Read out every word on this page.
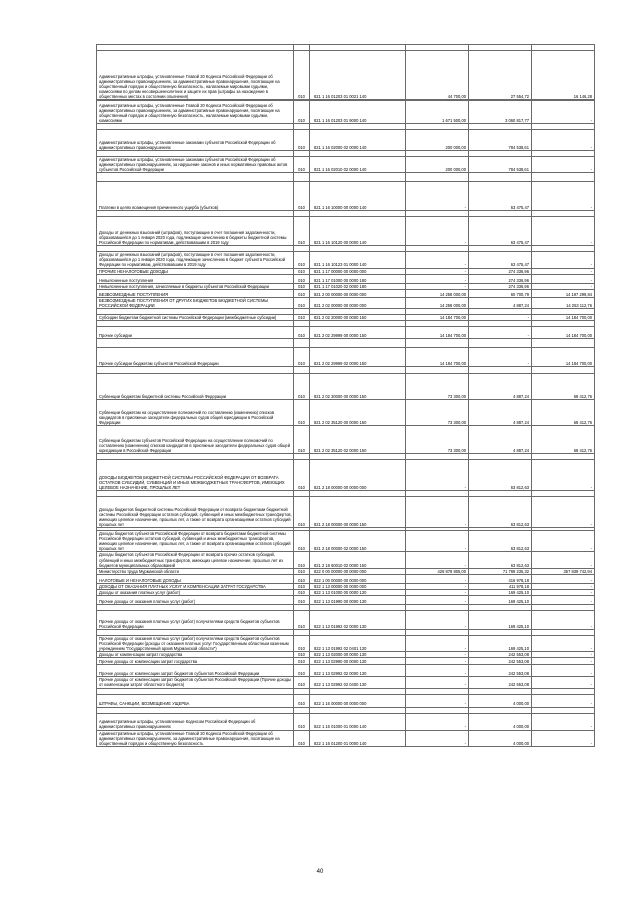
Административные штрафы, установленные Главой 20 Кодекса Российской Федерации об административных правонарушениях, за административные правонарушения, посягающие на общественный порядок и общественную безопасность, налагаемые мировыми судьями, комиссиями по делам несовершеннолетних и защите их прав (штрафы за нахождение в общественных местах в состоянии опьянения)	010	821 1 16 01203 01 0021 140	44 700,00	27 554,72	16 146,28

Административные штрафы, установленные Главой 20 Кодекса Российской Федерации об административных правонарушениях, за административные правонарушения, посягающие на общественный порядок и общественную безопасность, налагаемые мировыми судьями, комиссиями	010	821 1 16 01203 01 9000 140	1 671 500,00	3 060 817,77	-

Административные штрафы, установленные законами субъектов Российской Федерации об административных правонарушениях	010	821 1 16 02000 02 0000 140	200 000,00	784 538,61	-

Административные штрафы, установленные законами субъектов Российской Федерации об административных правонарушениях, за нарушение законов и иных нормативных правовых актов субъектов Российской Федерации	010	821 1 16 02010 02 0000 140	200 000,00	784 538,61	-

Платежи в целях возмещения причиненного ущерба (убытков)	010	821 1 16 10000 00 0000 140	-	63 475,47	-

Доходы от денежных взысканий (штрафов), поступающие в счет погашения задолженности, образовавшейся до 1 января 2020 года, подлежащие зачислению в бюджеты бюджетной системы Российской Федерации по нормативам, действовавшим в 2019 году	010	821 1 16 10120 00 0000 140	-	63 475,47	-

Доходы от денежных взысканий (штрафов), поступающие в счет погашения задолженности, образовавшейся до 1 января 2020 года, подлежащие зачислению в бюджет субъекта Российской Федерации по нормативам, действовавшим в 2019 году	010	821 1 16 10123 01 0000 140	-	63 475,47	-
ПРОЧИЕ НЕНАЛОГОВЫЕ ДОХОДЫ	010	821 1 17 00000 00 0000 000	-	274 336,96	-
Невыясненные поступления	010	821 1 17 01000 00 0000 180	-	274 336,96	-
Невыясненные поступления, зачисляемые в бюджеты субъектов Российской Федерации	010	821 1 17 01020 02 0000 180	-	274 336,96	-
БЕЗВОЗМЕЗДНЫЕ ПОСТУПЛЕНИЯ	010	821 2 00 00000 00 0000 000	14 258 000,00	60 700,79	14 197 299,84
БЕЗВОЗМЕЗДНЫЕ ПОСТУПЛЕНИЯ ОТ ДРУГИХ БЮДЖЕТОВ БЮДЖЕТНОЙ СИСТЕМЫ РОССИЙСКОЙ ФЕДЕРАЦИИ	010	821 2 02 00000 00 0000 000	14 258 000,00	4 887,24	14 253 112,76

Субсидии бюджетам бюджетной системы Российской Федерации (межбюджетные субсидии)	010	821 2 02 20000 00 0000 150	14 184 700,00	-	14 184 700,00

Прочие субсидии	010	821 2 02 29999 00 0000 150	14 184 700,00	-	14 184 700,00

Прочие субсидии бюджетам субъектов Российской Федерации	010	821 2 02 29999 02 0000 150	14 184 700,00	-	14 184 700,00

Субвенции бюджетам бюджетной системы Российской Федерации	010	821 2 02 30000 00 0000 150	73 300,00	4 887,24	68 412,76
Субвенции бюджетам на осуществление полномочий по составлению (изменению) списков кандидатов в присяжные заседатели федеральных судов общей юрисдикции в Российской Федерации	010	821 2 02 35120 00 0000 150	73 300,00	4 887,24	68 412,76
Субвенции бюджетам субъектов Российской Федерации на осуществление полномочий по составлению (изменению) списков кандидатов в присяжные заседатели федеральных судов общей юрисдикции в Российской Федерации	010	821 2 02 35120 02 0000 150	73 300,00	4 887,24	68 412,76

ДОХОДЫ БЮДЖЕТОВ БЮДЖЕТНОЙ СИСТЕМЫ РОССИЙСКОЙ ФЕДЕРАЦИИ ОТ ВОЗВРАТА ОСТАТКОВ СУБСИДИЙ, СУБВЕНЦИЙ И ИНЫХ МЕЖБЮДЖЕТНЫХ ТРАНСФЕРТОВ, ИМЕЮЩИХ ЦЕЛЕВОЕ НАЗНАЧЕНИЕ, ПРОШЛЫХ ЛЕТ	010	821 2 18 00000 00 0000 000	-	63 812,63	-

Доходы бюджетов бюджетной системы Российской Федерации от возврата бюджетами бюджетной системы Российской Федерации остатков субсидий, субвенций и иных межбюджетных трансфертов, имеющих целевое назначение, прошлых лет, а также от возврата организациями остатков субсидий прошлых лет	010	821 2 18 00000 00 0000 150	-	63 812,63	-

Доходы бюджетов субъектов Российской Федерации от возврата бюджетами бюджетной системы Российской Федерации остатков субсидий, субвенций и иных межбюджетных трансфертов, имеющих целевое назначение, прошлых лет, а также от возврата организациями остатков субсидий прошлых лет	010	821 2 18 00000 02 0000 150	-	63 812,63	-
Доходы бюджетов субъектов Российской Федерации от возврата прочих остатков субсидий, субвенций и иных межбюджетных трансфертов, имеющих целевое назначение, прошлых лет из бюджетов муниципальных образований	010	821 2 18 60010 02 0000 150	-	63 812,63	-
Министерство труда Мурманской области	010	822 0 00 00000 00 0000 000	428 878 805,00	71 789 235,32	357 839 742,94
НАЛОГОВЫЕ И НЕНАЛОГОВЫЕ ДОХОДЫ	010	822 1 00 00000 00 0000 000	-	416 978,18	-
ДОХОДЫ ОТ ОКАЗАНИЯ ПЛАТНЫХ УСЛУГ И КОМПЕНСАЦИИ ЗАТРАТ ГОСУДАРСТВА	010	822 1 13 00000 00 0000 000	-	411 978,18	-
Доходы от оказания платных услуг (работ)	010	822 1 13 01000 00 0000 130	-	169 425,10	-
Прочие доходы от оказания платных услуг (работ)	010	822 1 13 01990 00 0000 130	-	169 425,10	-

Прочие доходы от оказания платных услуг (работ) получателями средств бюджетов субъектов Российской Федерации	010	822 1 13 01992 02 0000 130	-	169 425,10	-

Прочие доходы от оказания платных услуг (работ) получателями средств бюджетов субъектов Российской Федерации (доходы от оказания платных услуг Государственным областным казенным учреждением "Государственный архив Мурманской области")	010	822 1 13 01992 02 0401 130	-	169 425,10	-
Доходы от компенсации затрат государства	010	822 1 13 02000 00 0000 130	-	242 553,08	-
Прочие доходы от компенсации затрат государства	010	822 1 13 02990 00 0000 130	-	242 553,08	-
Прочие доходы от компенсации затрат бюджетов субъектов Российской Федерации	010	822 1 13 02992 02 0000 130	-	242 553,08	-
Прочие доходы от компенсации затрат бюджетов субъектов Российской Федерации (Прочие доходы от компенсации затрат областного бюджета)	010	822 1 13 02992 02 0400 130	-	242 553,08	-

ШТРАФЫ, САНКЦИИ, ВОЗМЕЩЕНИЕ УЩЕРБА	010	822 1 16 00000 00 0000 000	-	4 000,00	-

Административные штрафы, установленные Кодексом Российской Федерации об административных правонарушениях	010	822 1 16 01000 01 0000 140	-	4 000,00	-
Административные штрафы, установленные Главой 20 Кодекса Российской Федерации об административных правонарушениях, за административные правонарушения, посягающие на общественный порядок и общественную безопасность	010	822 1 16 01200 01 0000 140	-	4 000,00	-
40
